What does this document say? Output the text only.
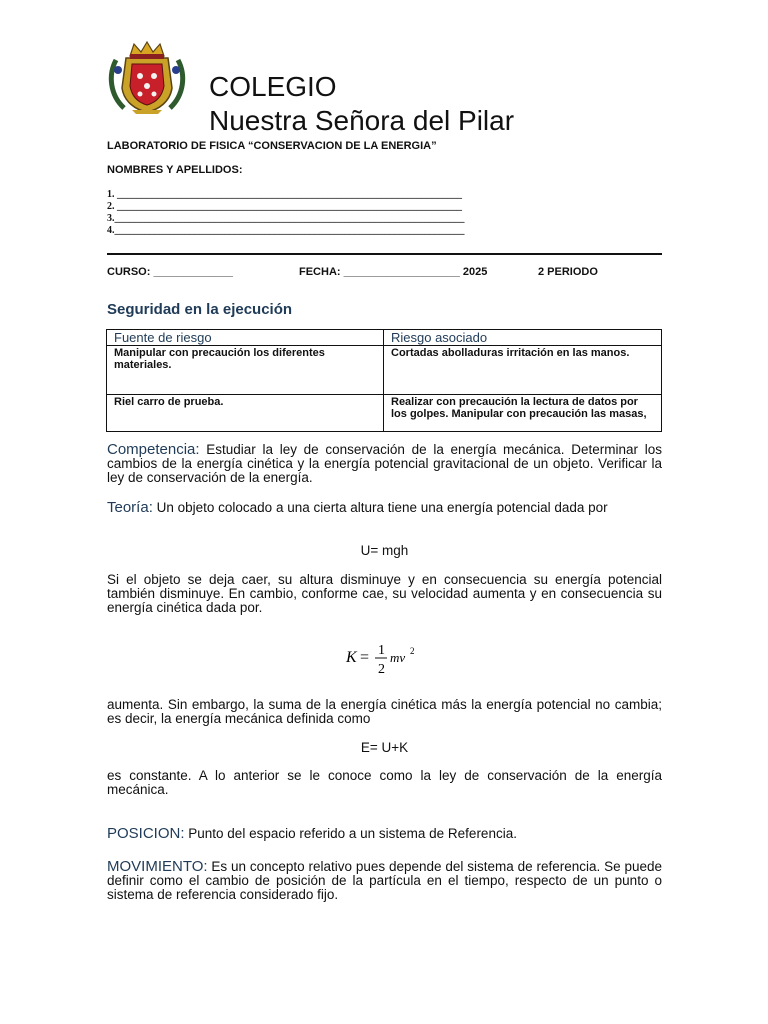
COLEGIO
Nuestra Señora del Pilar
LABORATORIO DE FISICA “CONSERVACION DE LA ENERGIA”
NOMBRES Y APELLIDOS:
1. _____________________________________________________________________
2. _____________________________________________________________________
3.______________________________________________________________________
4.______________________________________________________________________
CURSO: _____________	FECHA: ___________________ 2025	2 PERIODO
Seguridad en la ejecución
Fuente de riesgo	Riesgo asociado
Manipular con precaución los diferentes materiales.	Cortadas abolladuras irritación en las manos.
Riel carro de prueba.	Realizar con precaución la lectura de datos por los golpes. Manipular con precaución las masas,
Competencia: Estudiar la ley de conservación de la energía mecánica. Determinar los cambios de la energía cinética y la energía potencial gravitacional de un objeto. Verificar la ley de conservación de la energía.
Teoría: Un objeto colocado a una cierta altura tiene una energía potencial dada por
U= mgh
Si el objeto se deja caer, su altura disminuye y en consecuencia su energía potencial también disminuye. En cambio, conforme cae, su velocidad aumenta y en consecuencia su energía cinética dada por.
K = 1
2
mv 2
aumenta. Sin embargo, la suma de la energía cinética más la energía potencial no cambia; es decir, la energía mecánica definida como
E= U+K
es constante. A lo anterior se le conoce como la ley de conservación de la energía mecánica.
POSICION: Punto del espacio referido a un sistema de Referencia.
MOVIMIENTO: Es un concepto relativo pues depende del sistema de referencia. Se puede definir como el cambio de posición de la partícula en el tiempo, respecto de un punto o sistema de referencia considerado fijo.
